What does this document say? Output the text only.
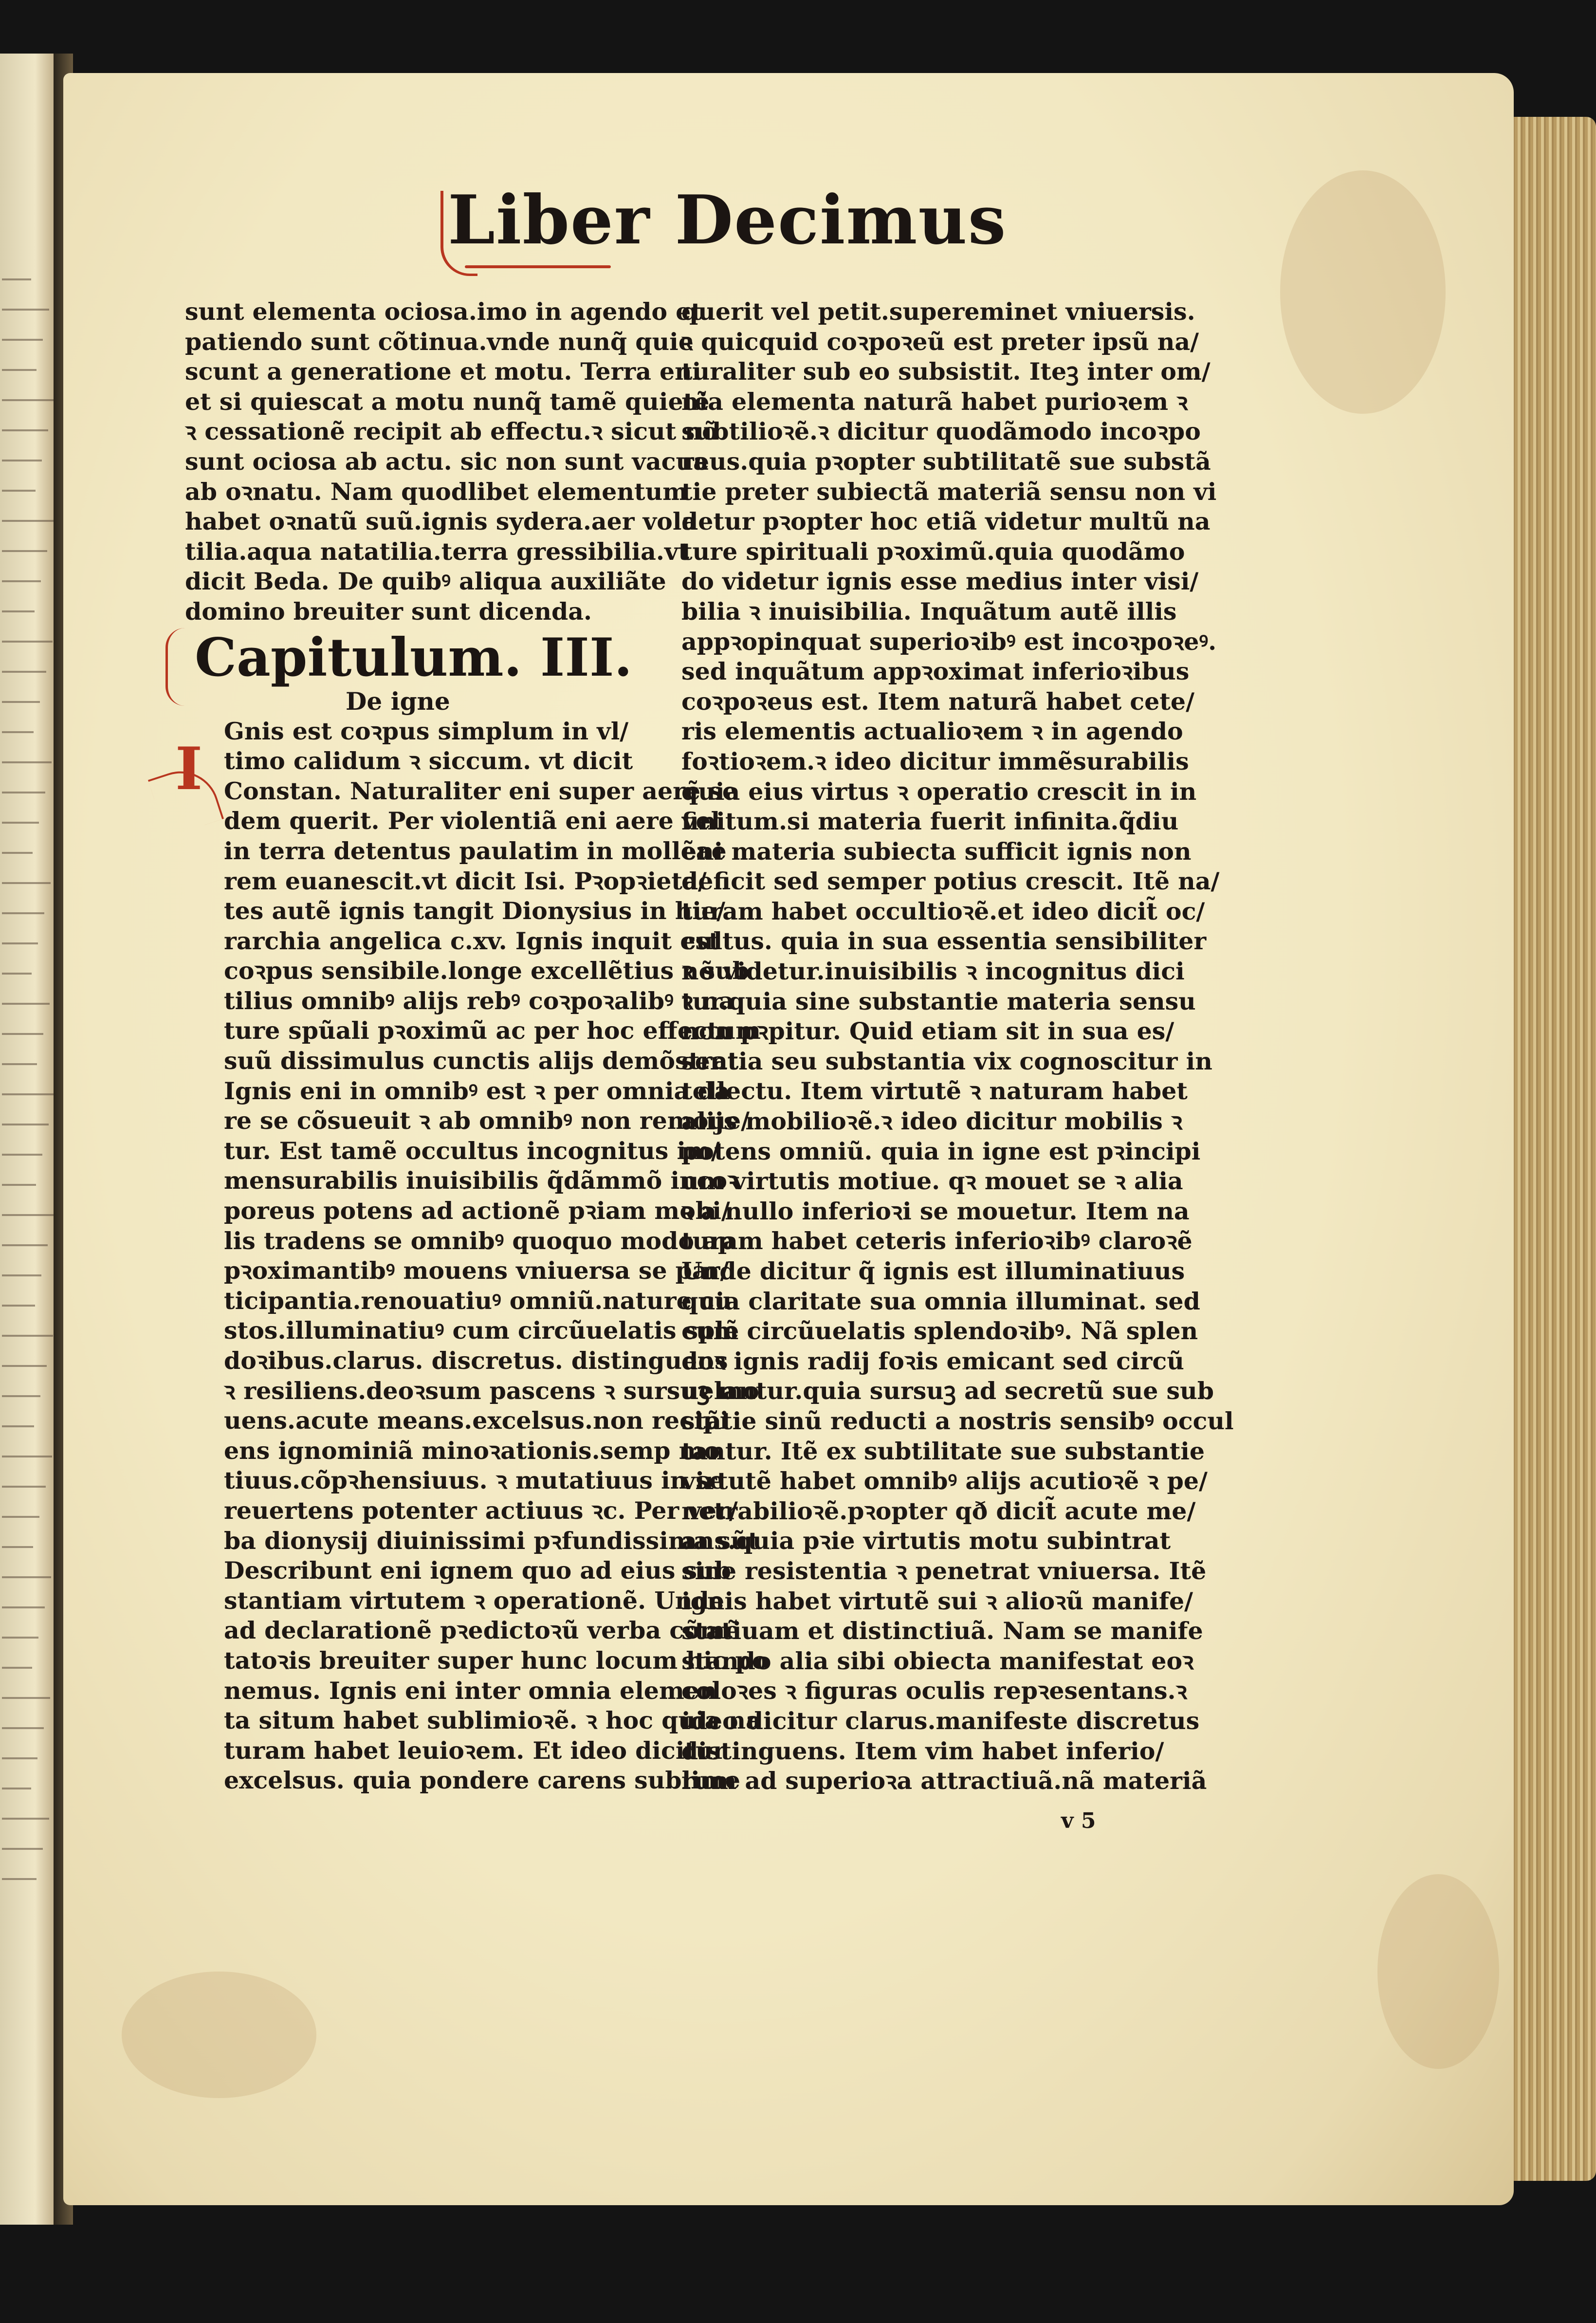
Liber Decimus
sunt elementa ociosa.imo in agendo et
patiendo sunt cõtinua.vnde nunq̃ quie
scunt a generatione et motu. Terra eni
et si quiescat a motu nunq̃ tamẽ quietẽ
ꝛ cessationẽ recipit ab effectu.ꝛ sicut nõ
sunt ociosa ab actu. sic non sunt vacua
ab oꝛnatu. Nam quodlibet elementum
habet oꝛnatũ suũ.ignis sydera.aer vola
tilia.aqua natatilia.terra gressibilia.vt
dicit Beda. De quibꝰ aliqua auxiliãte
domino breuiter sunt dicenda.
Capitulum. III.
De igne
Gnis est coꝛpus simplum in vl/
timo calidum ꝛ siccum. vt dicit
Constan. Naturaliter eni super aerẽ se
dem querit. Per violentiã eni aere vel
in terra detentus paulatim in mollẽae
rem euanescit.vt dicit Isi. Pꝛopꝛieta/
tes autẽ ignis tangit Dionysius in hie/
rarchia angelica c.xv. Ignis inquit est
coꝛpus sensibile.longe excellẽtius ꝛ sub
tilius omnibꝰ alijs rebꝰ coꝛpoꝛalibꝰ ꝛ na
ture spũali pꝛoximũ ac per hoc effectum
suũ dissimulus cunctis alijs demõstrat.
Ignis eni in omnibꝰ est ꝛ per omnia da
re se cõsueuit ꝛ ab omnibꝰ non remoue/
tur. Est tamẽ occultus incognitus im/
mensurabilis inuisibilis q̃dãmmõ incoꝛ
poreus potens ad actionẽ pꝛiam mobi/
lis tradens se omnibꝰ quoquo modo ap
pꝛoximantibꝰ mouens vniuersa se par/
ticipantia.renouatiuꝰ omniũ.nature cu
stos.illuminatiuꝰ cum circũuelatis splẽ
doꝛibus.clarus. discretus. distinguens
ꝛ resiliens.deoꝛsum pascens ꝛ sursuꝫ mo
uens.acute means.excelsus.non recipi
ens ignominiã minoꝛationis.semp mo
tiuus.cõpꝛhensiuus. ꝛ mutatiuus in se
reuertens potenter actiuus ꝛc. Per ver/
ba dionysij diuinissimi pꝛfundissima sũt
Describunt eni ignem quo ad eius sub
stantiam virtutem ꝛ operationẽ. Unde
ad declarationẽ pꝛedictoꝛũ verba cõmẽ
tatoꝛis breuiter super hunc locum hic po
nemus. Ignis eni inter omnia elemen
ta situm habet sublimioꝛẽ. ꝛ hoc quia na
turam habet leuioꝛem. Et ideo dicitur
excelsus. quia pondere carens sublime
I
querit vel petit.supereminet vniuersis.
ꝛ quicquid coꝛpoꝛeũ est preter ipsũ na/
turaliter sub eo subsistit. Iteꝫ inter om/
nia elementa naturã habet purioꝛem ꝛ
subtilioꝛẽ.ꝛ dicitur quodãmodo incoꝛpo
reus.quia pꝛopter subtilitatẽ sue substã
tie preter subiectã materiã sensu non vi
detur pꝛopter hoc etiã videtur multũ na
ture spirituali pꝛoximũ.quia quodãmo
do videtur ignis esse medius inter visi/
bilia ꝛ inuisibilia. Inquãtum autẽ illis
appꝛopinquat superioꝛibꝰ est incoꝛpoꝛeꝰ.
sed inquãtum appꝛoximat inferioꝛibus
coꝛpoꝛeus est. Item naturã habet cete/
ris elementis actualioꝛem ꝛ in agendo
foꝛtioꝛem.ꝛ ideo dicitur immẽsurabilis
quia eius virtus ꝛ operatio crescit in in
finitum.si materia fuerit infinita.q̃diu
eni materia subiecta sufficit ignis non
deficit sed semper potius crescit. Itẽ na/
turam habet occultioꝛẽ.et ideo dicit̃ oc/
cultus. quia in sua essentia sensibiliter
nõ videtur.inuisibilis ꝛ incognitus dici
tur.quia sine substantie materia sensu
non pꝛpitur. Quid etiam sit in sua es/
sentia seu substantia vix cognoscitur in
tellectu. Item virtutẽ ꝛ naturam habet
alijs mobilioꝛẽ.ꝛ ideo dicitur mobilis ꝛ
potens omniũ. quia in igne est pꝛincipi
um virtutis motiue. qꝛ mouet se ꝛ alia
ꝛ a nullo inferioꝛi se mouetur. Item na
turam habet ceteris inferioꝛibꝰ claroꝛẽ
Unde dicitur q̃ ignis est illuminatiuus
quia claritate sua omnia illuminat. sed
cum circũuelatis splendoꝛibꝰ. Nã splen
doꝛ ignis radij foꝛis emicant sed circũ
uelantur.quia sursuꝫ ad secretũ sue sub
stãtie sinũ reducti a nostris sensibꝰ occul
tantur. Itẽ ex subtilitate sue substantie
virtutẽ habet omnibꝰ alijs acutioꝛẽ ꝛ pe/
netrabilioꝛẽ.pꝛopter qð dicit̃ acute me/
ans.quia pꝛie virtutis motu subintrat
sine resistentia ꝛ penetrat vniuersa. Itẽ
ignis habet virtutẽ sui ꝛ alioꝛũ manife/
statiuam et distinctiuã. Nam se manife
stando alia sibi obiecta manifestat eoꝛ
coloꝛes ꝛ figuras oculis repꝛesentans.ꝛ
ideo dicitur clarus.manifeste discretus
distinguens. Item vim habet inferio/
rum ad superioꝛa attractiuã.nã materiã
v 5
